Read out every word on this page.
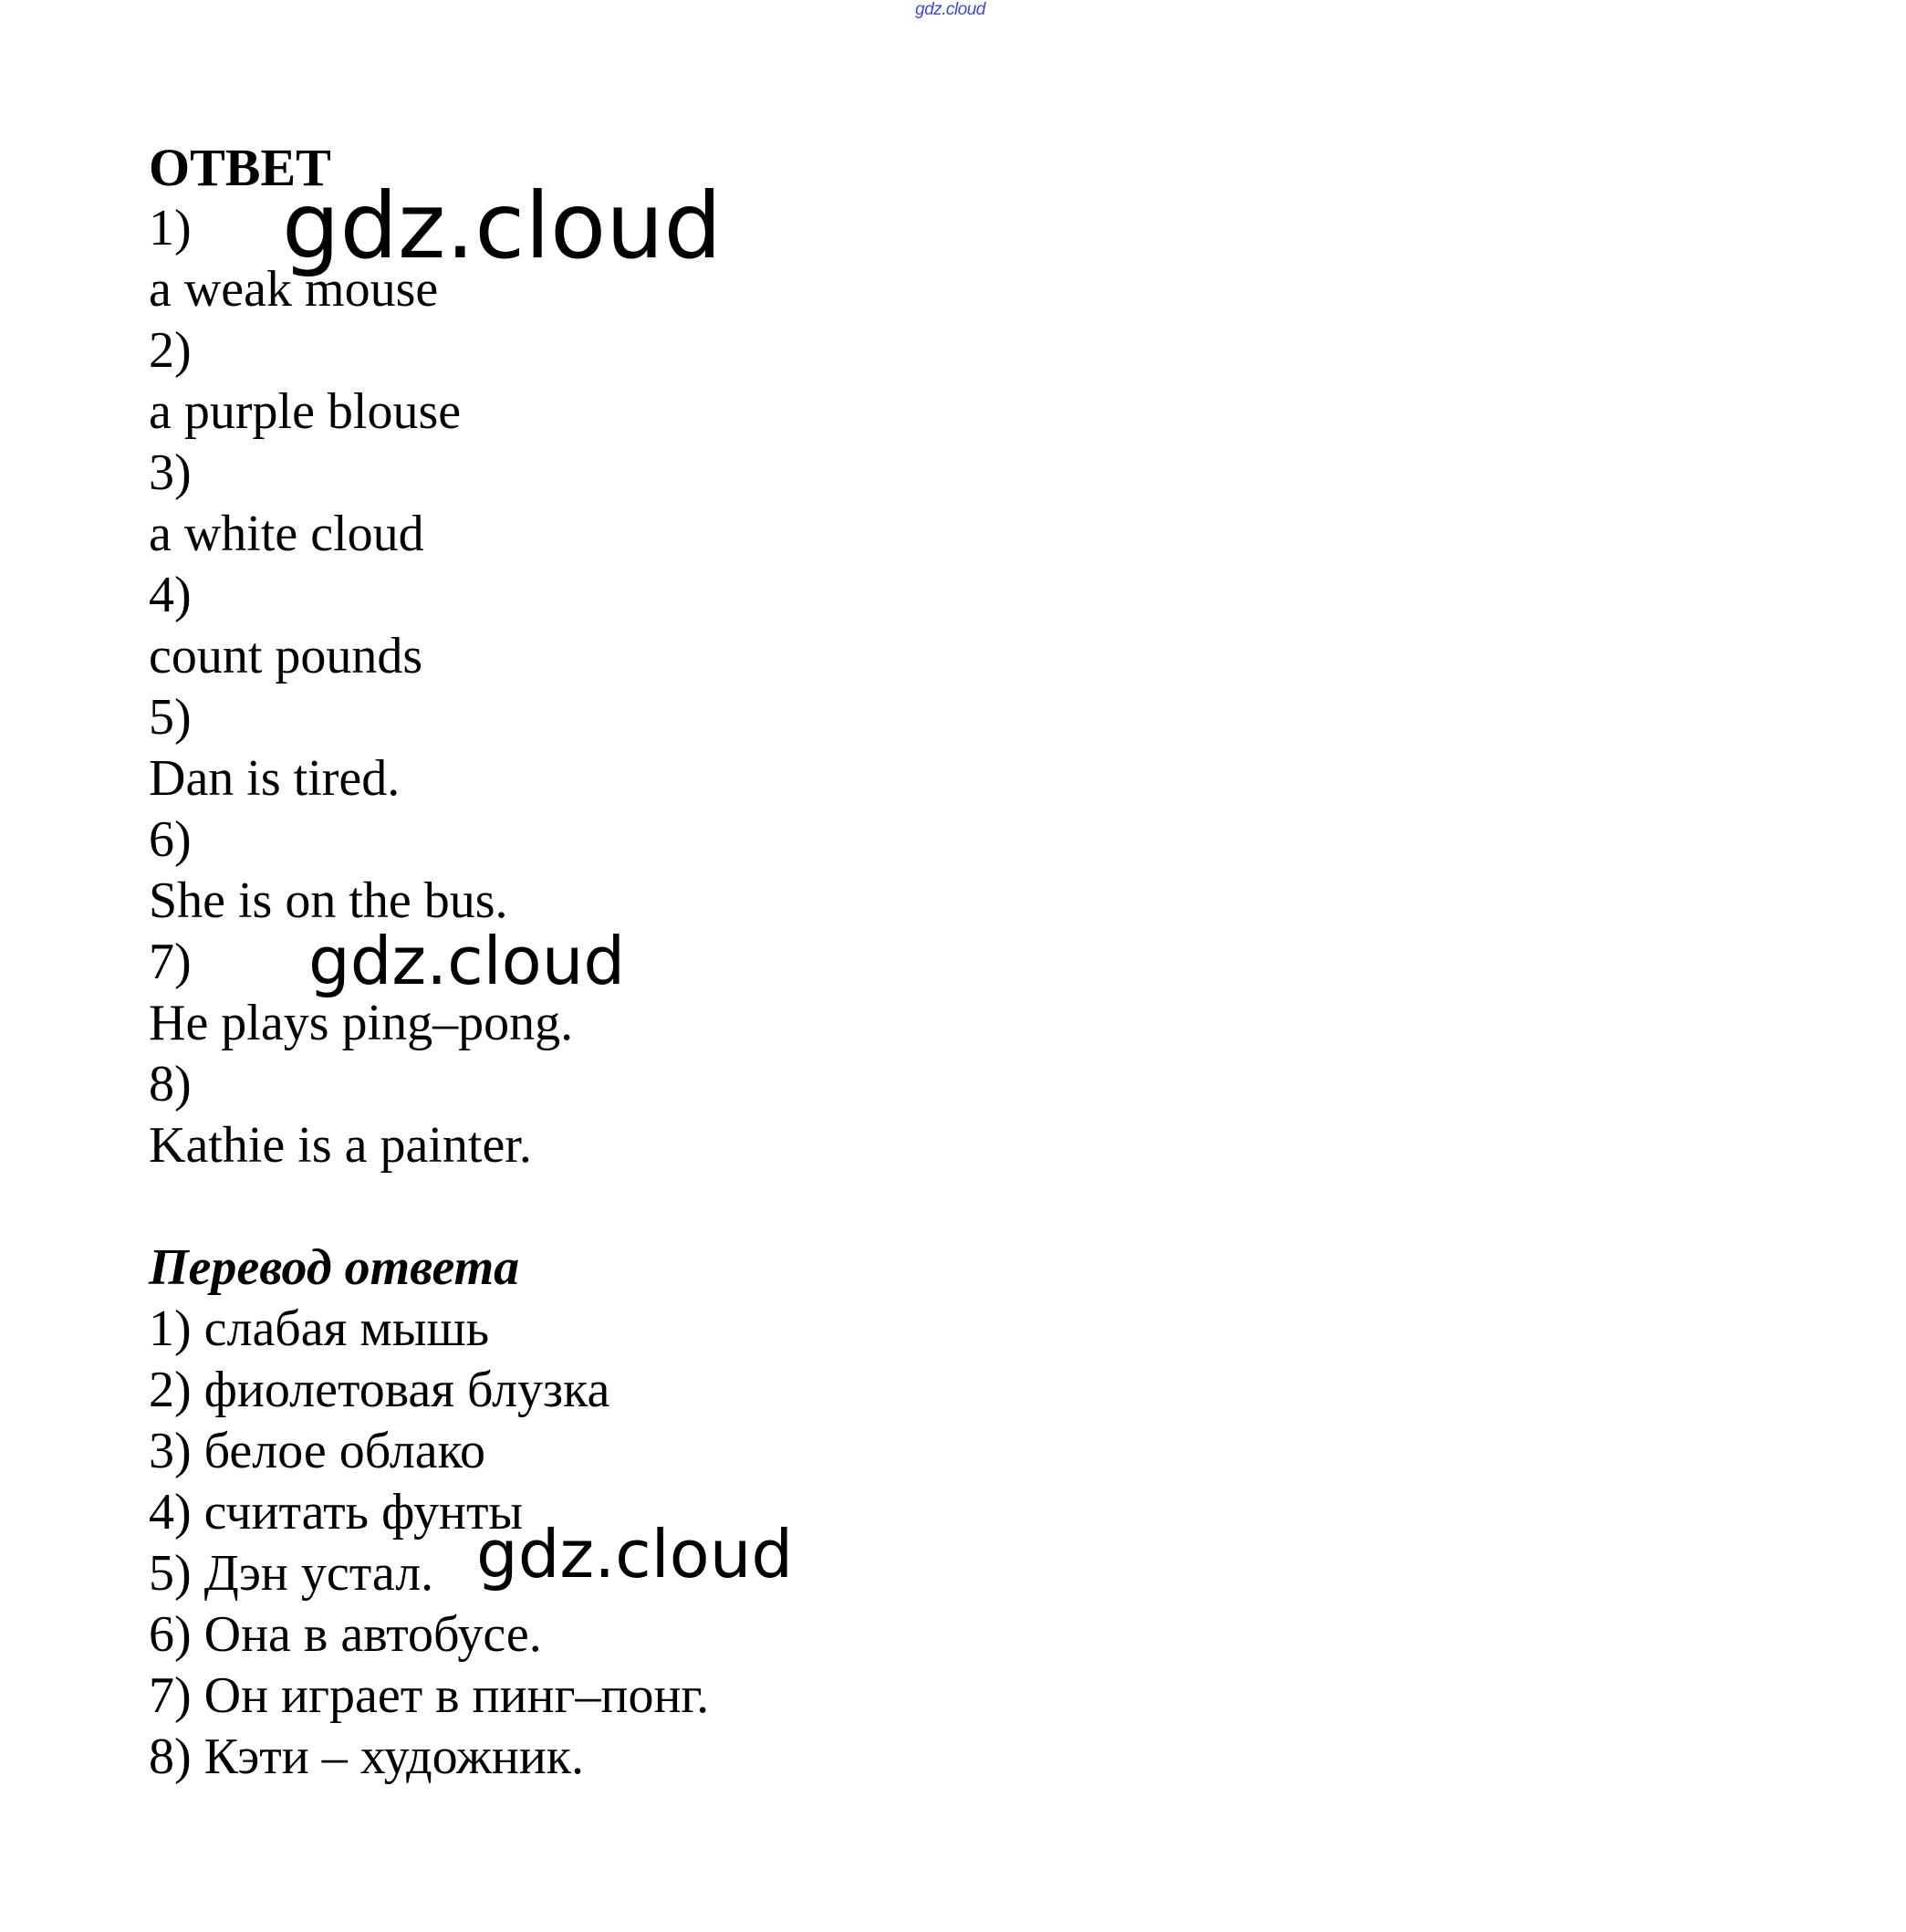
gdz.cloud
ОТВЕТ
1)
a weak mouse
2)
a purple blouse
3)
a white cloud
4)
count pounds
5)
Dan is tired.
6)
She is on the bus.
7)
He plays ping–pong.
8)
Kathie is a painter.
Перевод ответа
1) слабая мышь
2) фиолетовая блузка
3) белое облако
4) считать фунты
5) Дэн устал.
6) Она в автобусе.
7) Он играет в пинг–понг.
8) Кэти – художник.
gdz.cloud
gdz.cloud
gdz.cloud
